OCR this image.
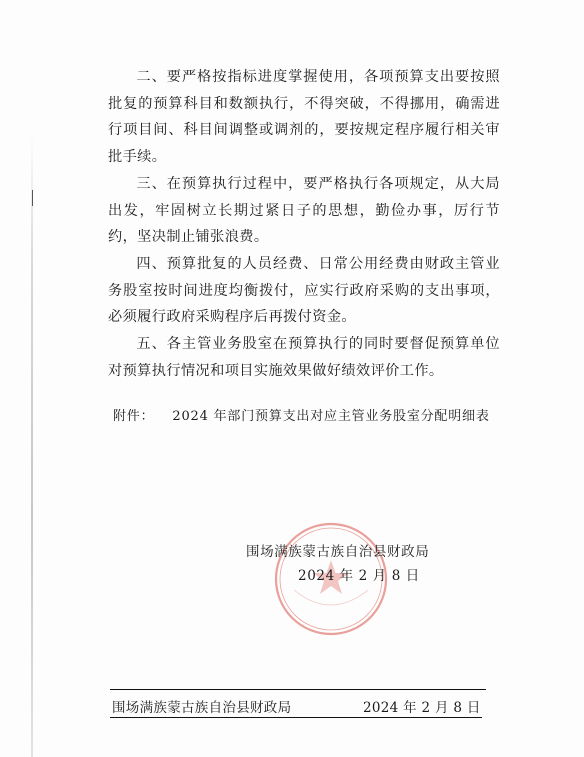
二、要严格按指标进度掌握使用，各项预算支出要按照批复的预算科目和数额执行，不得突破，不得挪用，确需进行项目间、科目间调整或调剂的，要按规定程序履行相关审批手续。

三、在预算执行过程中，要严格执行各项规定，从大局出发，牢固树立长期过紧日子的思想，勤俭办事，厉行节约，坚决制止铺张浪费。

四、预算批复的人员经费、日常公用经费由财政主管业务股室按时间进度均衡拨付，应实行政府采购的支出事项，必须履行政府采购程序后再拨付资金。

五、各主管业务股室在预算执行的同时要督促预算单位对预算执行情况和项目实施效果做好绩效评价工作。

附件： 2024 年部门预算支出对应主管业务股室分配明细表
围场满族蒙古族自治县财政局
2024 年 2 月 8 日
围场满族蒙古族自治县财政局	2024 年 2 月 8 日
